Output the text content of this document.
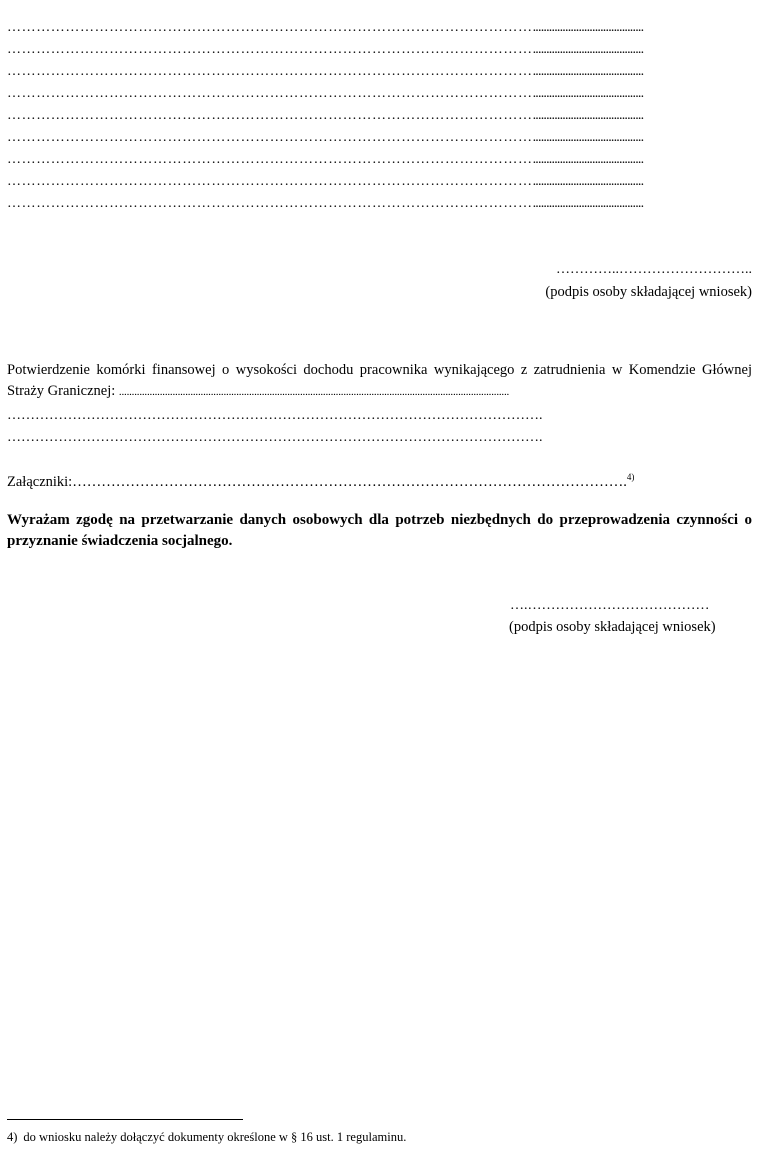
……………………………………………………………………………………………….........................................
……………………………………………………………………………………………….........................................
……………………………………………………………………………………………….........................................
……………………………………………………………………………………………….........................................
……………………………………………………………………………………………….........................................
……………………………………………………………………………………………….........................................
……………………………………………………………………………………………….........................................
……………………………………………………………………………………………….........................................
……………………………………………………………………………………………….........................................
…………..………………………..
(podpis osoby składającej wniosek)
Potwierdzenie komórki finansowej o wysokości dochodu pracownika wynikającego z zatrudnienia w Komendzie Głównej Straży Granicznej: .........................................................................................................................................................
…………………………………………………………………………………………………….
…………………………………………………………………………………………………….
Załączniki:…………………………………………………………………………………………………….$^{4)}$
Wyrażam zgodę na przetwarzanie danych osobowych dla potrzeb niezbędnych do przeprowadzenia czynności o przyznanie świadczenia socjalnego.
….…………………………………
(podpis osoby składającej wniosek)
4) do wniosku należy dołączyć dokumenty określone w § 16 ust. 1 regulaminu.
